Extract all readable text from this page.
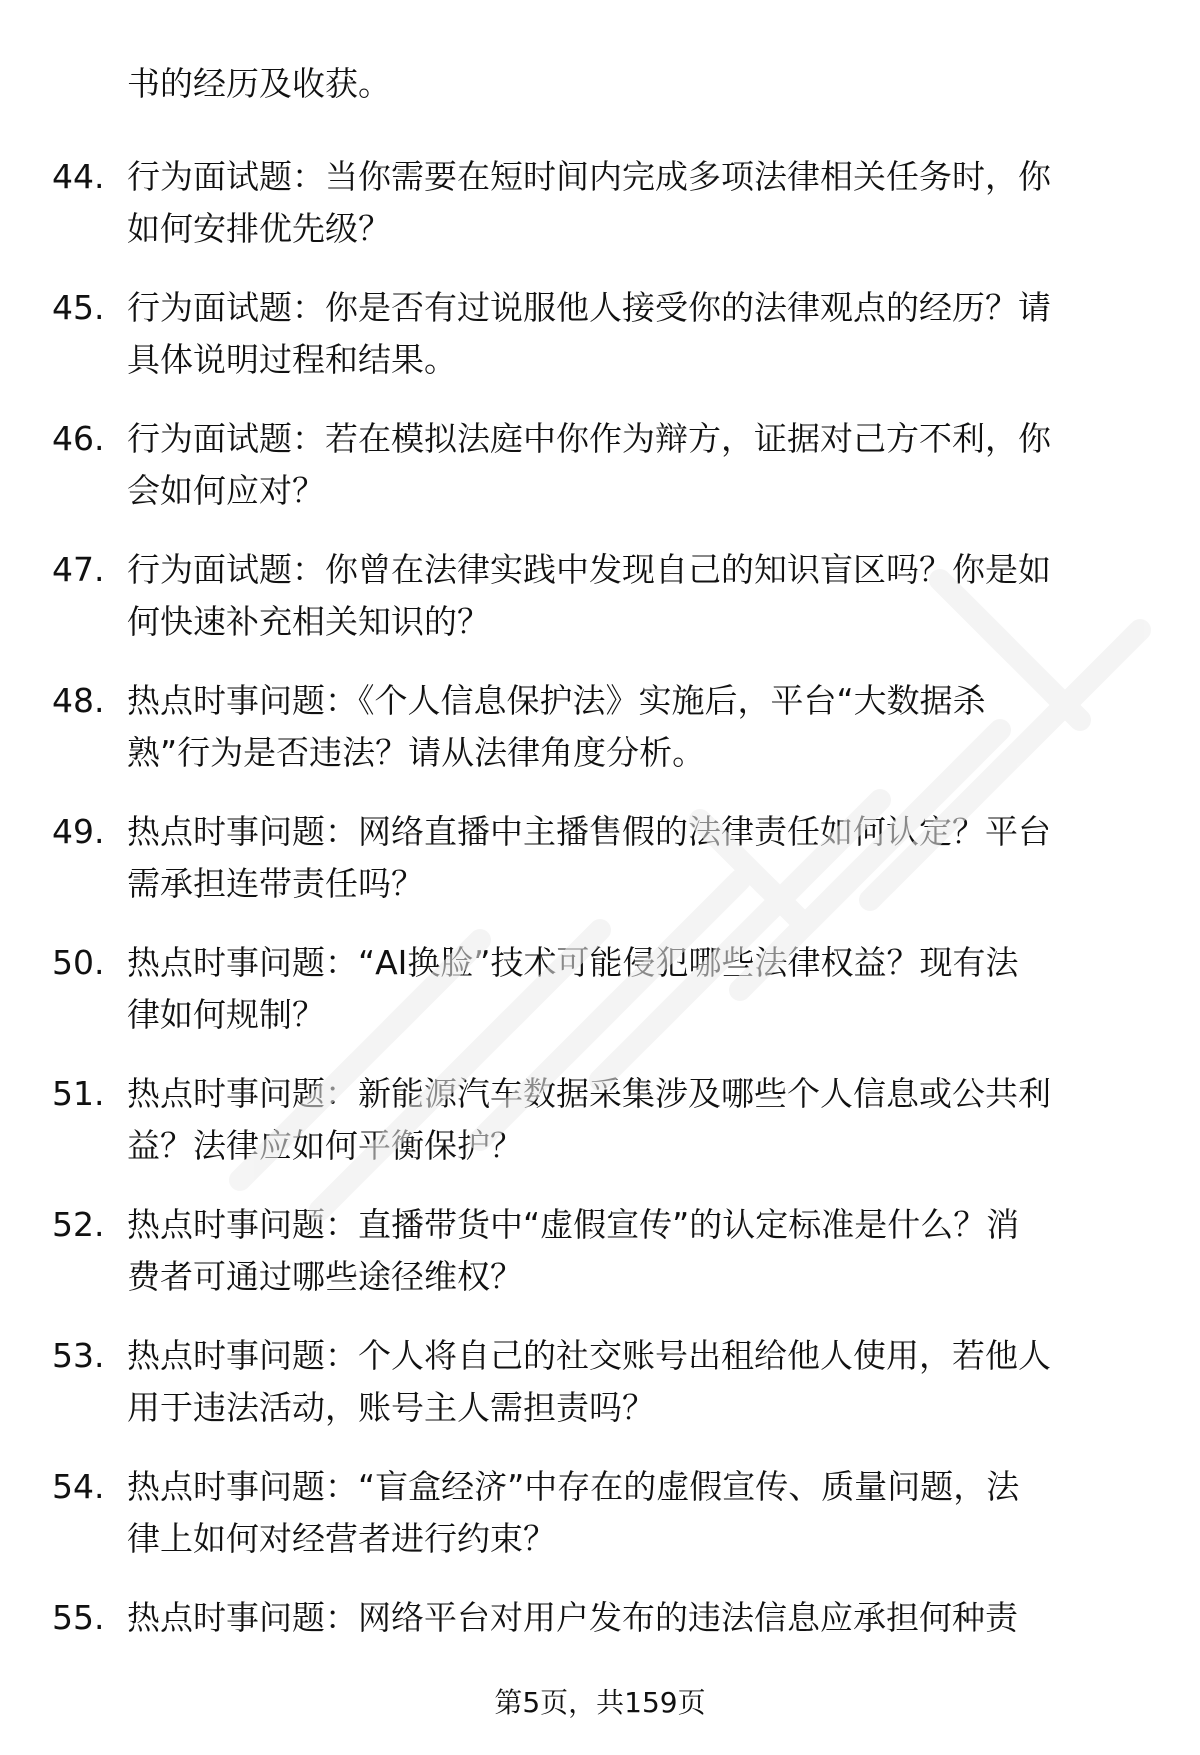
书的经历及收获。
44. 行为面试题：当你需要在短时间内完成多项法律相关任务时，你
如何安排优先级？
45. 行为面试题：你是否有过说服他人接受你的法律观点的经历？请
具体说明过程和结果。
46. 行为面试题：若在模拟法庭中你作为辩方，证据对己方不利，你
会如何应对？
47. 行为面试题：你曾在法律实践中发现自己的知识盲区吗？你是如
何快速补充相关知识的？
48. 热点时事问题：《个人信息保护法》实施后，平台“大数据杀
熟”行为是否违法？请从法律角度分析。
49. 热点时事问题：网络直播中主播售假的法律责任如何认定？平台
需承担连带责任吗？
50. 热点时事问题：“AI换脸”技术可能侵犯哪些法律权益？现有法
律如何规制？
51. 热点时事问题：新能源汽车数据采集涉及哪些个人信息或公共利
益？法律应如何平衡保护？
52. 热点时事问题：直播带货中“虚假宣传”的认定标准是什么？消
费者可通过哪些途径维权？
53. 热点时事问题：个人将自己的社交账号出租给他人使用，若他人
用于违法活动，账号主人需担责吗？
54. 热点时事问题：“盲盒经济”中存在的虚假宣传、质量问题，法
律上如何对经营者进行约束？
55. 热点时事问题：网络平台对用户发布的违法信息应承担何种责
第5页，共159页
